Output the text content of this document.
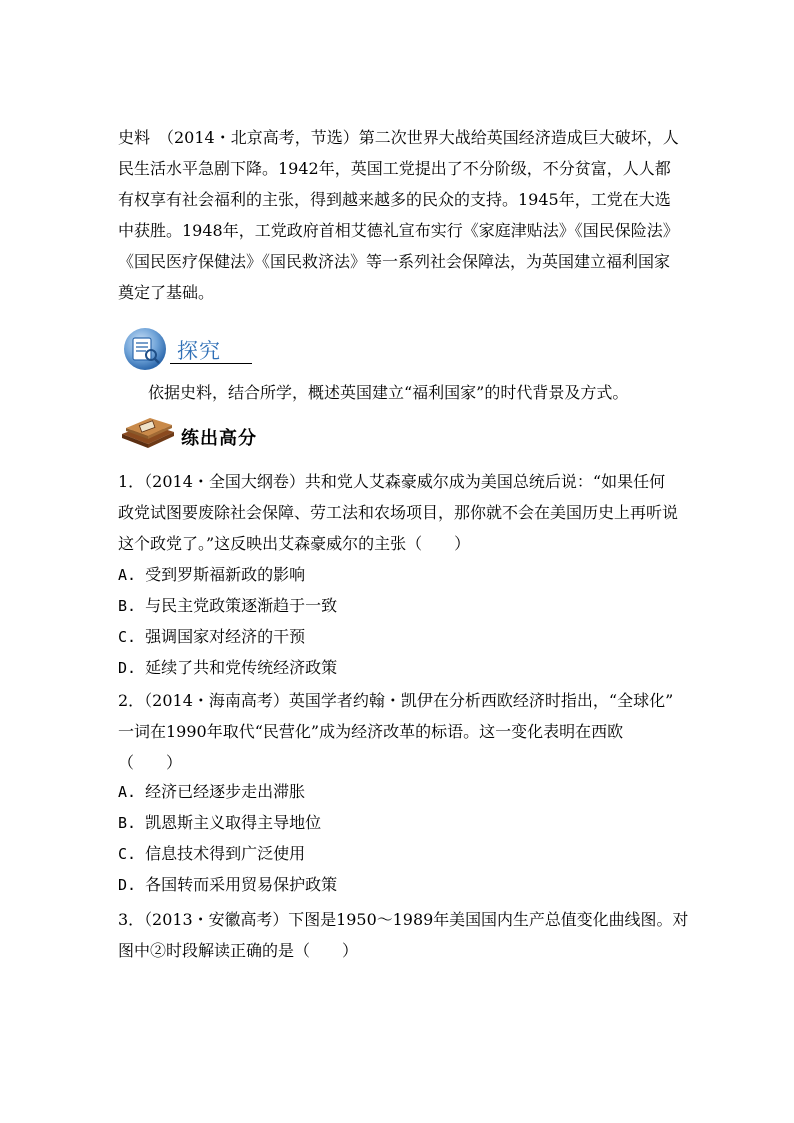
史料　（2014・北京高考，节选）第二次世界大战给英国经济造成巨大破坏，人
民生活水平急剧下降。1942年，英国工党提出了不分阶级，不分贫富，人人都
有权享有社会福利的主张，得到越来越多的民众的支持。1945年，工党在大选
中获胜。1948年，工党政府首相艾德礼宣布实行《家庭津贴法》《国民保险法》
《国民医疗保健法》《国民救济法》等一系列社会保障法，为英国建立福利国家
奠定了基础。
探究
依据史料，结合所学，概述英国建立“福利国家”的时代背景及方式。
练出高分
1．（2014・全国大纲卷）共和党人艾森豪威尔成为美国总统后说：“如果任何
政党试图要废除社会保障、劳工法和农场项目，那你就不会在美国历史上再听说
这个政党了。”这反映出艾森豪威尔的主张（　　）
A. 受到罗斯福新政的影响
B. 与民主党政策逐渐趋于一致
C. 强调国家对经济的干预
D. 延续了共和党传统经济政策
2．（2014・海南高考）英国学者约翰・凯伊在分析西欧经济时指出，“全球化”
一词在1990年取代“民营化”成为经济改革的标语。这一变化表明在西欧
（　　）
A. 经济已经逐步走出滞胀
B. 凯恩斯主义取得主导地位
C. 信息技术得到广泛使用
D. 各国转而采用贸易保护政策
3．（2013・安徽高考）下图是1950～1989年美国国内生产总值变化曲线图。对
图中②时段解读正确的是（　　）
